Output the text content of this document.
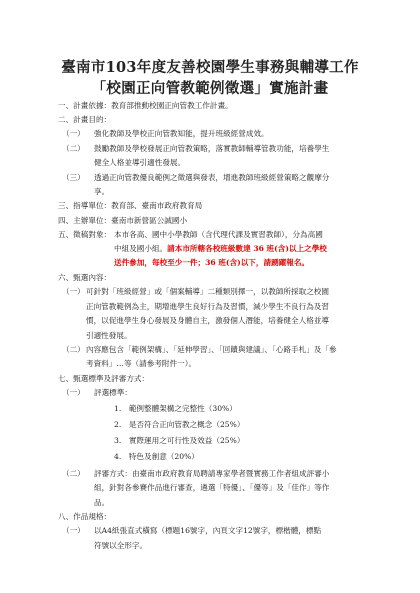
臺南市103年度友善校園學生事務與輔導工作
「校園正向管教範例徵選」實施計畫
一、計畫依據：教育部推動校園正向管教工作計畫。
二、計畫目的：
（一） 強化教師及學校正向管教知能，提升班級經營成效。
（二） 鼓勵教師及學校發展正向管教策略，落實教師輔導管教功能，培養學生
健全人格並導引適性發展。
（三） 透過正向管教優良範例之徵選與發表，增進教師班級經營策略之觀摩分
享。
三、指導單位：教育部、臺南市政府教育局
四、主辦單位：臺南市新營區公誠國小
五、徵稿對象： 本市各高、國中小學教師（含代理代課及實習教師），分為高國
中組及國小組。請本市所轄各校班級數達 36 班(含)以上之學校
送件參加，每校至少一件；36 班(含)以下，請踴躍報名。
六、甄選內容：
（一） 可針對「班級經營」或「個案輔導」二種類別擇一，以教師所採取之校園
正向管教範例為主，期增進學生良好行為及習慣，減少學生不良行為及習
慣，以促進學生身心發展及身體自主，激發個人潛能，培養健全人格並導
引適性發展。
（二） 內容應包含「範例架構」、「延伸學習」、「回饋與建議」、「心路手札」及「參
考資料」…等（請參考附件一）。
七、甄選標準及評審方式：
（一） 評選標準：
1.　範例整體架構之完整性（30%）
2.　是否符合正向管教之概念（25%）
3.　實際運用之可行性及效益（25%）
4.　特色及創意（20%）
（二） 評審方式：由臺南市政府教育局聘請專家學者暨實務工作者組成評審小
組，針對各參賽作品進行審查，遴選「特優」、「優等」及「佳作」等作
品。
八、作品規格：
（一） 以A4紙張直式橫寫（標題16號字，內頁文字12號字，標楷體，標點
符號以全形字。
